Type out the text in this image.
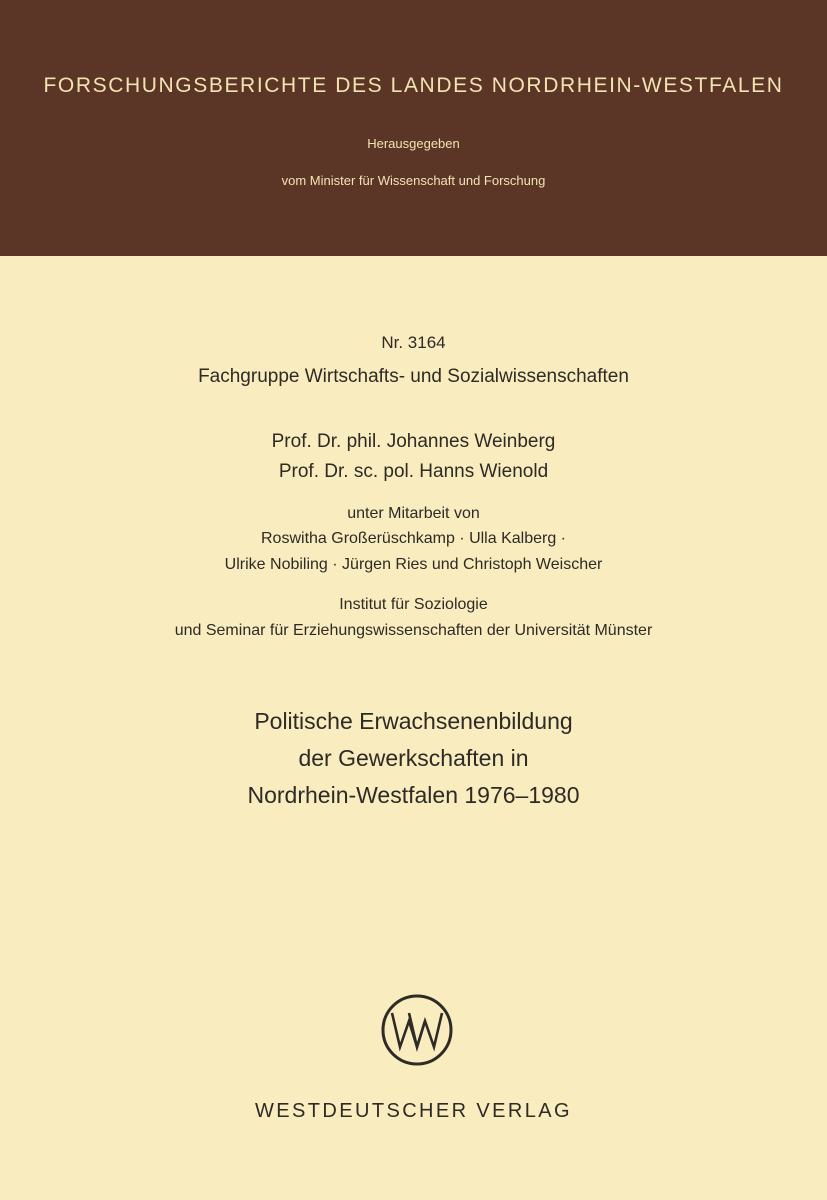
FORSCHUNGSBERICHTE DES LANDES NORDRHEIN-WESTFALEN
Herausgegeben
vom Minister für Wissenschaft und Forschung
Nr. 3164
Fachgruppe Wirtschafts- und Sozialwissenschaften
Prof. Dr. phil. Johannes Weinberg
Prof. Dr. sc. pol. Hanns Wienold
unter Mitarbeit von
Roswitha Großerüschkamp · Ulla Kalberg ·
Ulrike Nobiling · Jürgen Ries und Christoph Weischer
Institut für Soziologie
und Seminar für Erziehungswissenschaften der Universität Münster
Politische Erwachsenenbildung
der Gewerkschaften in
Nordrhein-Westfalen 1976–1980
WESTDEUTSCHER VERLAG
